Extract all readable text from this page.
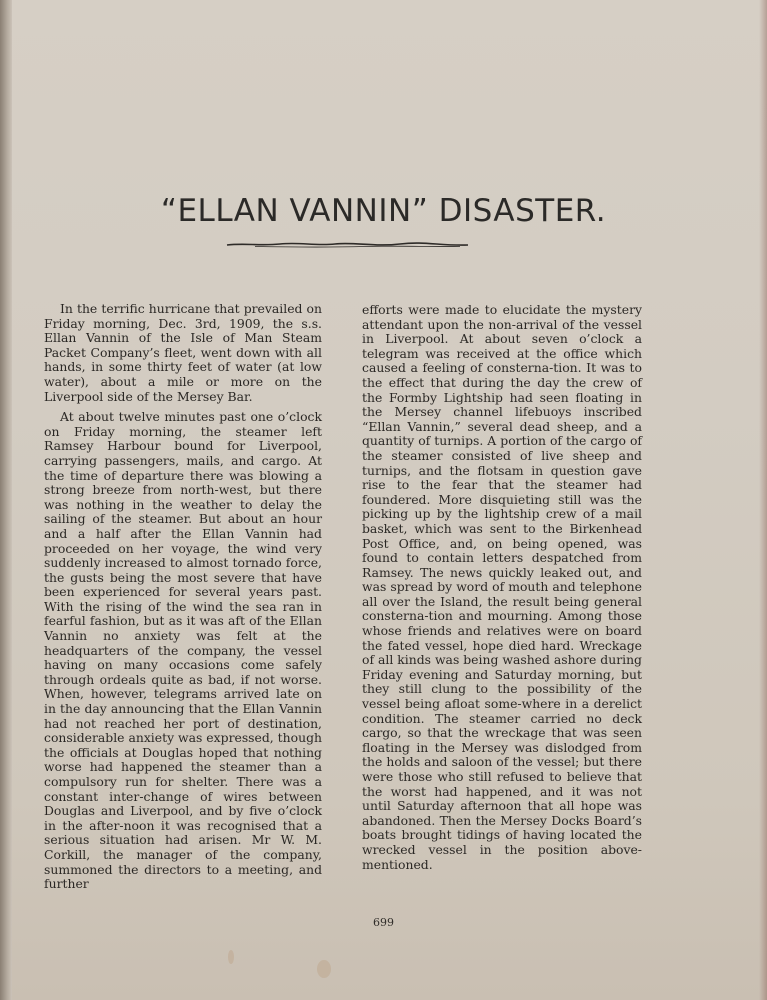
“ELLAN VANNIN” DISASTER.

In the terrific hurricane that prevailed on Friday morning, Dec. 3rd, 1909, the s.s. Ellan Vannin of the Isle of Man Steam Packet Company’s fleet, went down with all hands, in some thirty feet of water (at low water), about a mile or more on the Liverpool side of the Mersey Bar.

At about twelve minutes past one o’clock on Friday morning, the steamer left Ramsey Harbour bound for Liverpool, carrying passengers, mails, and cargo. At the time of departure there was blowing a strong breeze from north-west, but there was nothing in the weather to delay the sailing of the steamer. But about an hour and a half after the Ellan Vannin had proceeded on her voyage, the wind very suddenly increased to almost tornado force, the gusts being the most severe that have been experienced for several years past. With the rising of the wind the sea ran in fearful fashion, but as it was aft of the Ellan Vannin no anxiety was felt at the headquarters of the company, the vessel having on many occasions come safely through ordeals quite as bad, if not worse. When, however, telegrams arrived late on in the day announcing that the Ellan Vannin had not reached her port of destination, considerable anxiety was expressed, though the officials at Douglas hoped that nothing worse had happened the steamer than a compulsory run for shelter. There was a constant inter-change of wires between Douglas and Liverpool, and by five o’clock in the after-noon it was recognised that a serious situation had arisen. Mr W. M. Corkill, the manager of the company, summoned the directors to a meeting, and further

efforts were made to elucidate the mystery attendant upon the non-arrival of the vessel in Liverpool. At about seven o’clock a telegram was received at the office which caused a feeling of consterna-tion. It was to the effect that during the day the crew of the Formby Lightship had seen floating in the Mersey channel lifebuoys inscribed “Ellan Vannin,” several dead sheep, and a quantity of turnips. A portion of the cargo of the steamer consisted of live sheep and turnips, and the flotsam in question gave rise to the fear that the steamer had foundered. More disquieting still was the picking up by the lightship crew of a mail basket, which was sent to the Birkenhead Post Office, and, on being opened, was found to contain letters despatched from Ramsey. The news quickly leaked out, and was spread by word of mouth and telephone all over the Island, the result being general consterna-tion and mourning. Among those whose friends and relatives were on board the fated vessel, hope died hard. Wreckage of all kinds was being washed ashore during Friday evening and Saturday morning, but they still clung to the possibility of the vessel being afloat some-where in a derelict condition. The steamer carried no deck cargo, so that the wreckage that was seen floating in the Mersey was dislodged from the holds and saloon of the vessel; but there were those who still refused to believe that the worst had happened, and it was not until Saturday afternoon that all hope was abandoned. Then the Mersey Docks Board’s boats brought tidings of having located the wrecked vessel in the position above-mentioned.

699
